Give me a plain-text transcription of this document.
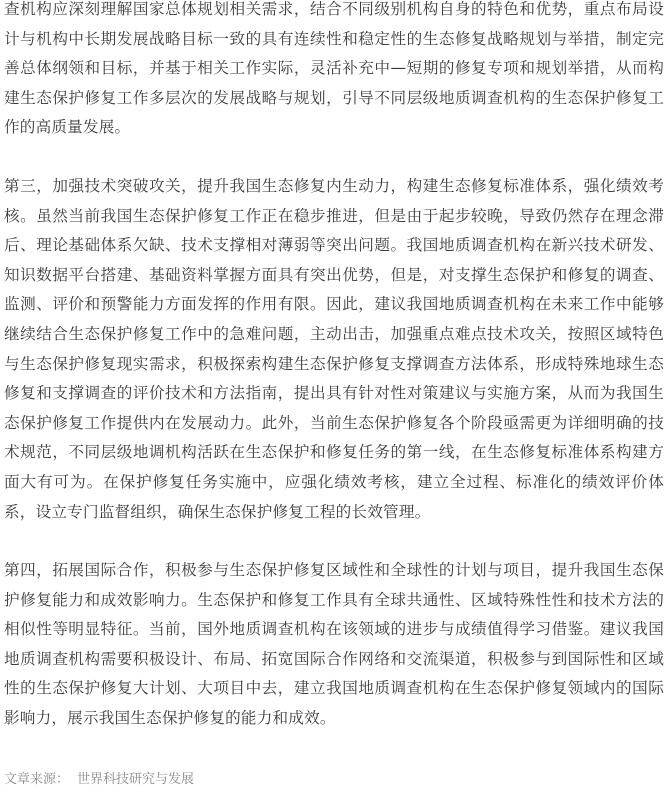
查机构应深刻理解国家总体规划相关需求，结合不同级别机构自身的特色和优势，重点布局设计与机构中长期发展战略目标一致的具有连续性和稳定性的生态修复战略规划与举措，制定完善总体纲领和目标，并基于相关工作实际，灵活补充中—短期的修复专项和规划举措，从而构建生态保护修复工作多层次的发展战略与规划，引导不同层级地质调查机构的生态保护修复工作的高质量发展。

第三，加强技术突破攻关，提升我国生态修复内生动力，构建生态修复标准体系，强化绩效考核。虽然当前我国生态保护修复工作正在稳步推进，但是由于起步较晚，导致仍然存在理念滞后、理论基础体系欠缺、技术支撑相对薄弱等突出问题。我国地质调查机构在新兴技术研发、知识数据平台搭建、基础资料掌握方面具有突出优势，但是，对支撑生态保护和修复的调查、监测、评价和预警能力方面发挥的作用有限。因此，建议我国地质调查机构在未来工作中能够继续结合生态保护修复工作中的急难问题，主动出击，加强重点难点技术攻关，按照区域特色与生态保护修复现实需求，积极探索构建生态保护修复支撑调查方法体系，形成特殊地球生态修复和支撑调查的评价技术和方法指南，提出具有针对性对策建议与实施方案，从而为我国生态保护修复工作提供内在发展动力。此外，当前生态保护修复各个阶段亟需更为详细明确的技术规范，不同层级地调机构活跃在生态保护和修复任务的第一线，在生态修复标准体系构建方面大有可为。在保护修复任务实施中，应强化绩效考核，建立全过程、标准化的绩效评价体系，设立专门监督组织，确保生态保护修复工程的长效管理。

第四，拓展国际合作，积极参与生态保护修复区域性和全球性的计划与项目，提升我国生态保护修复能力和成效影响力。生态保护和修复工作具有全球共通性、区域特殊性性和技术方法的相似性等明显特征。当前，国外地质调查机构在该领域的进步与成绩值得学习借鉴。建议我国地质调查机构需要积极设计、布局、拓宽国际合作网络和交流渠道，积极参与到国际性和区域性的生态保护修复大计划、大项目中去，建立我国地质调查机构在生态保护修复领域内的国际影响力，展示我国生态保护修复的能力和成效。

文章来源： 世界科技研究与发展
